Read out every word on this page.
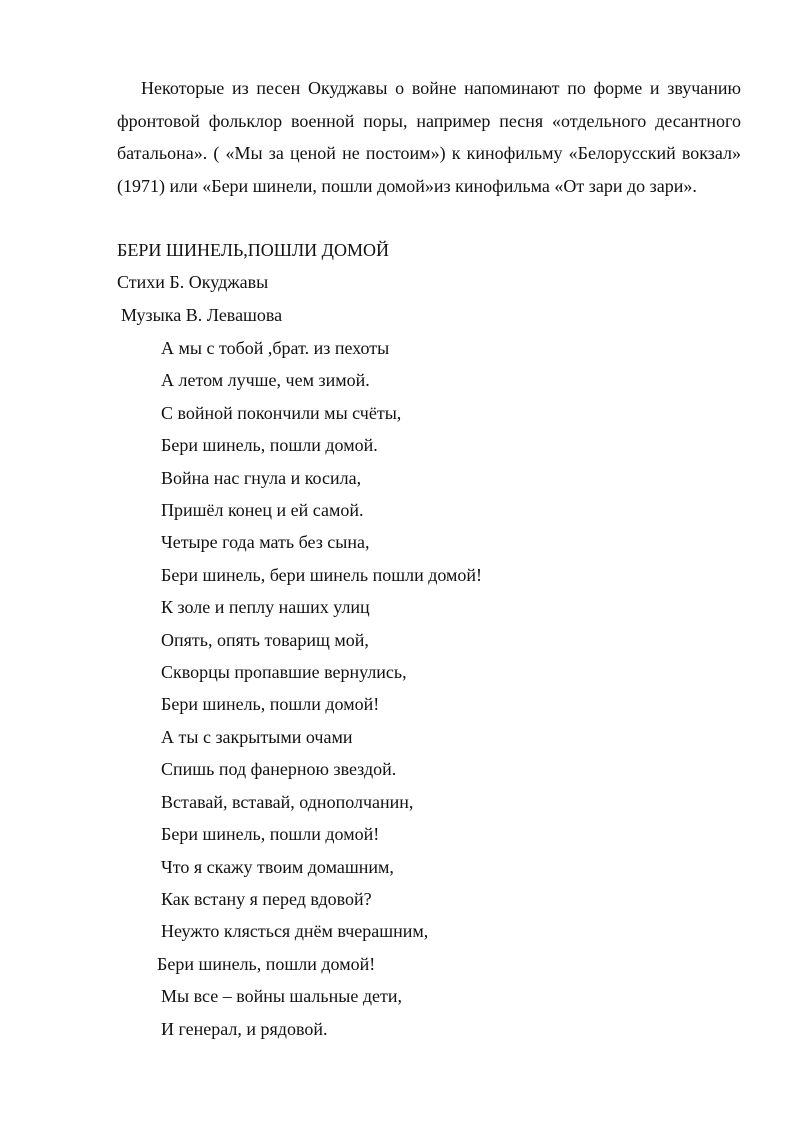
Некоторые из песен Окуджавы о войне напоминают по форме и звучанию фронтовой фольклор военной поры, например песня «отдельного десантного батальона». ( «Мы за ценой не постоим») к кинофильму «Белорусский вокзал» (1971) или «Бери шинели, пошли домой»из кинофильма «От зари до зари».

БЕРИ ШИНЕЛЬ,ПОШЛИ ДОМОЙ

Стихи Б. Окуджавы

Музыка В. Левашова

А мы с тобой ,брат. из пехоты
А летом лучше, чем зимой.
С войной покончили мы счёты,
Бери шинель, пошли домой.
Война нас гнула и косила,
Пришёл конец и ей самой.
Четыре года мать без сына,
Бери шинель, бери шинель пошли домой!
К золе и пеплу наших улиц
Опять, опять товарищ мой,
Скворцы пропавшие вернулись,
Бери шинель, пошли домой!
А ты с закрытыми очами
Спишь под фанерною звездой.
Вставай, вставай, однополчанин,
Бери шинель, пошли домой!
Что я скажу твоим домашним,
Как встану я перед вдовой?
Неужто клясться днём вчерашним,
Бери шинель, пошли домой!
Мы все – войны шальные дети,
И генерал, и рядовой.
